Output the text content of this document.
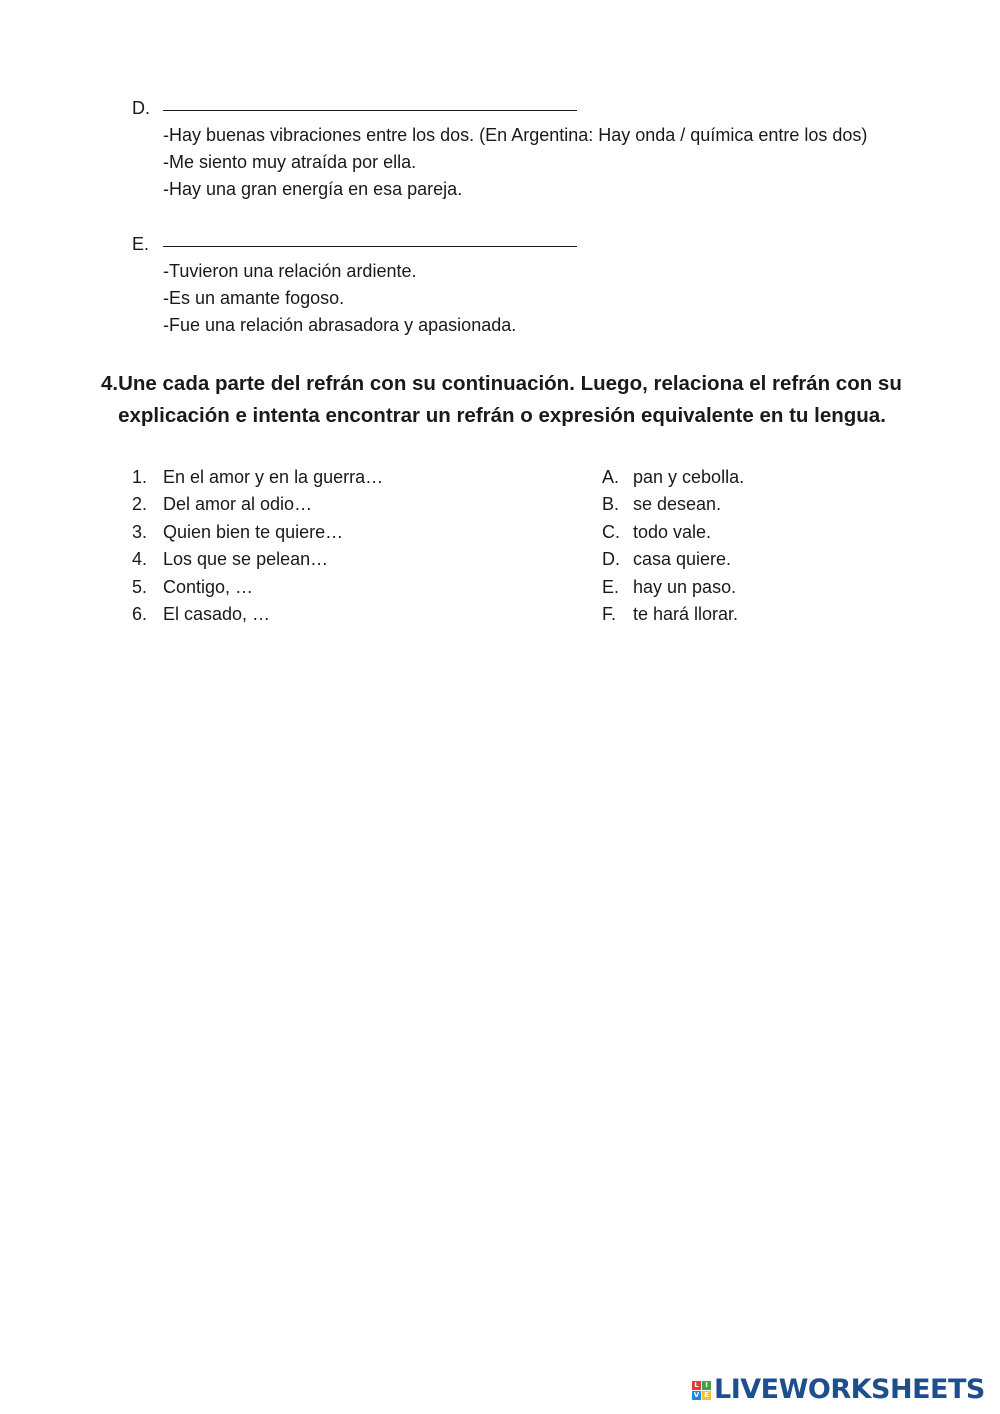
D.
-Hay buenas vibraciones entre los dos. (En Argentina: Hay onda / química entre los dos)
-Me siento muy atraída por ella.
-Hay una gran energía en esa pareja.
E.
-Tuvieron una relación ardiente.
-Es un amante fogoso.
-Fue una relación abrasadora y apasionada.
4. Une cada parte del refrán con su continuación. Luego, relaciona el refrán con su explicación e intenta encontrar un refrán o expresión equivalente en tu lengua.
1. En el amor y en la guerra…
2. Del amor al odio…
3. Quien bien te quiere…
4. Los que se pelean…
5. Contigo, …
6. El casado, …
A. pan y cebolla.
B. se desean.
C. todo vale.
D. casa quiere.
E. hay un paso.
F. te hará llorar.
L I
V E LIVEWORKSHEETS
